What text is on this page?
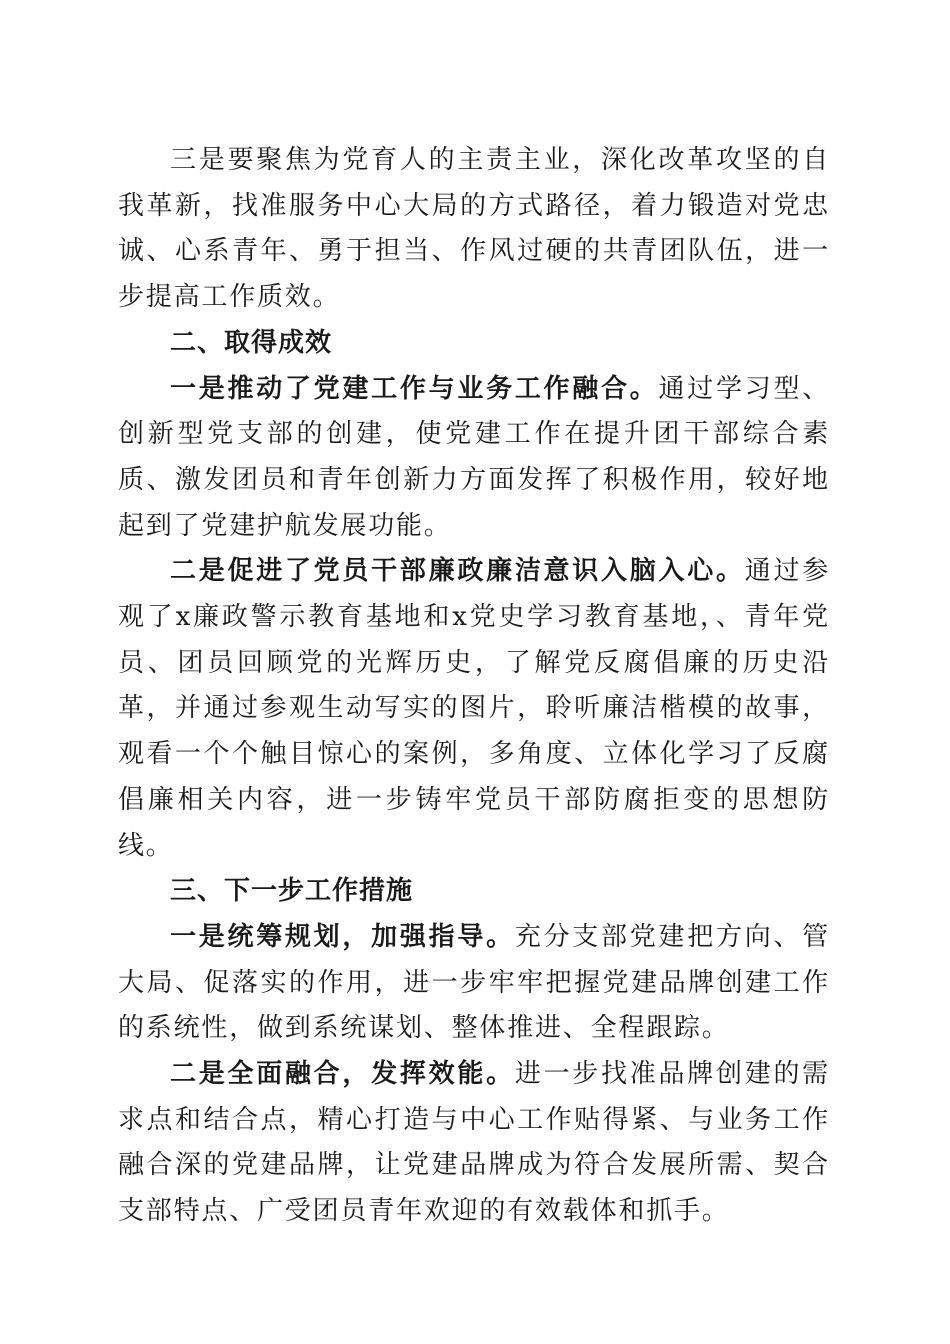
三是要聚焦为党育人的主责主业，深化改革攻坚的自我革新，找准服务中心大局的方式路径，着力锻造对党忠诚、心系青年、勇于担当、作风过硬的共青团队伍，进一步提高工作质效。

二、取得成效

一是推动了党建工作与业务工作融合。通过学习型、创新型党支部的创建，使党建工作在提升团干部综合素质、激发团员和青年创新力方面发挥了积极作用，较好地起到了党建护航发展功能。

二是促进了党员干部廉政廉洁意识入脑入心。通过参观了x廉政警示教育基地和x党史学习教育基地，、青年党员、团员回顾党的光辉历史，了解党反腐倡廉的历史沿革，并通过参观生动写实的图片，聆听廉洁楷模的故事，观看一个个触目惊心的案例，多角度、立体化学习了反腐倡廉相关内容，进一步铸牢党员干部防腐拒变的思想防线。

三、下一步工作措施

一是统筹规划，加强指导。充分支部党建把方向、管大局、促落实的作用，进一步牢牢把握党建品牌创建工作的系统性，做到系统谋划、整体推进、全程跟踪。

二是全面融合，发挥效能。进一步找准品牌创建的需求点和结合点，精心打造与中心工作贴得紧、与业务工作融合深的党建品牌，让党建品牌成为符合发展所需、契合支部特点、广受团员青年欢迎的有效载体和抓手。
